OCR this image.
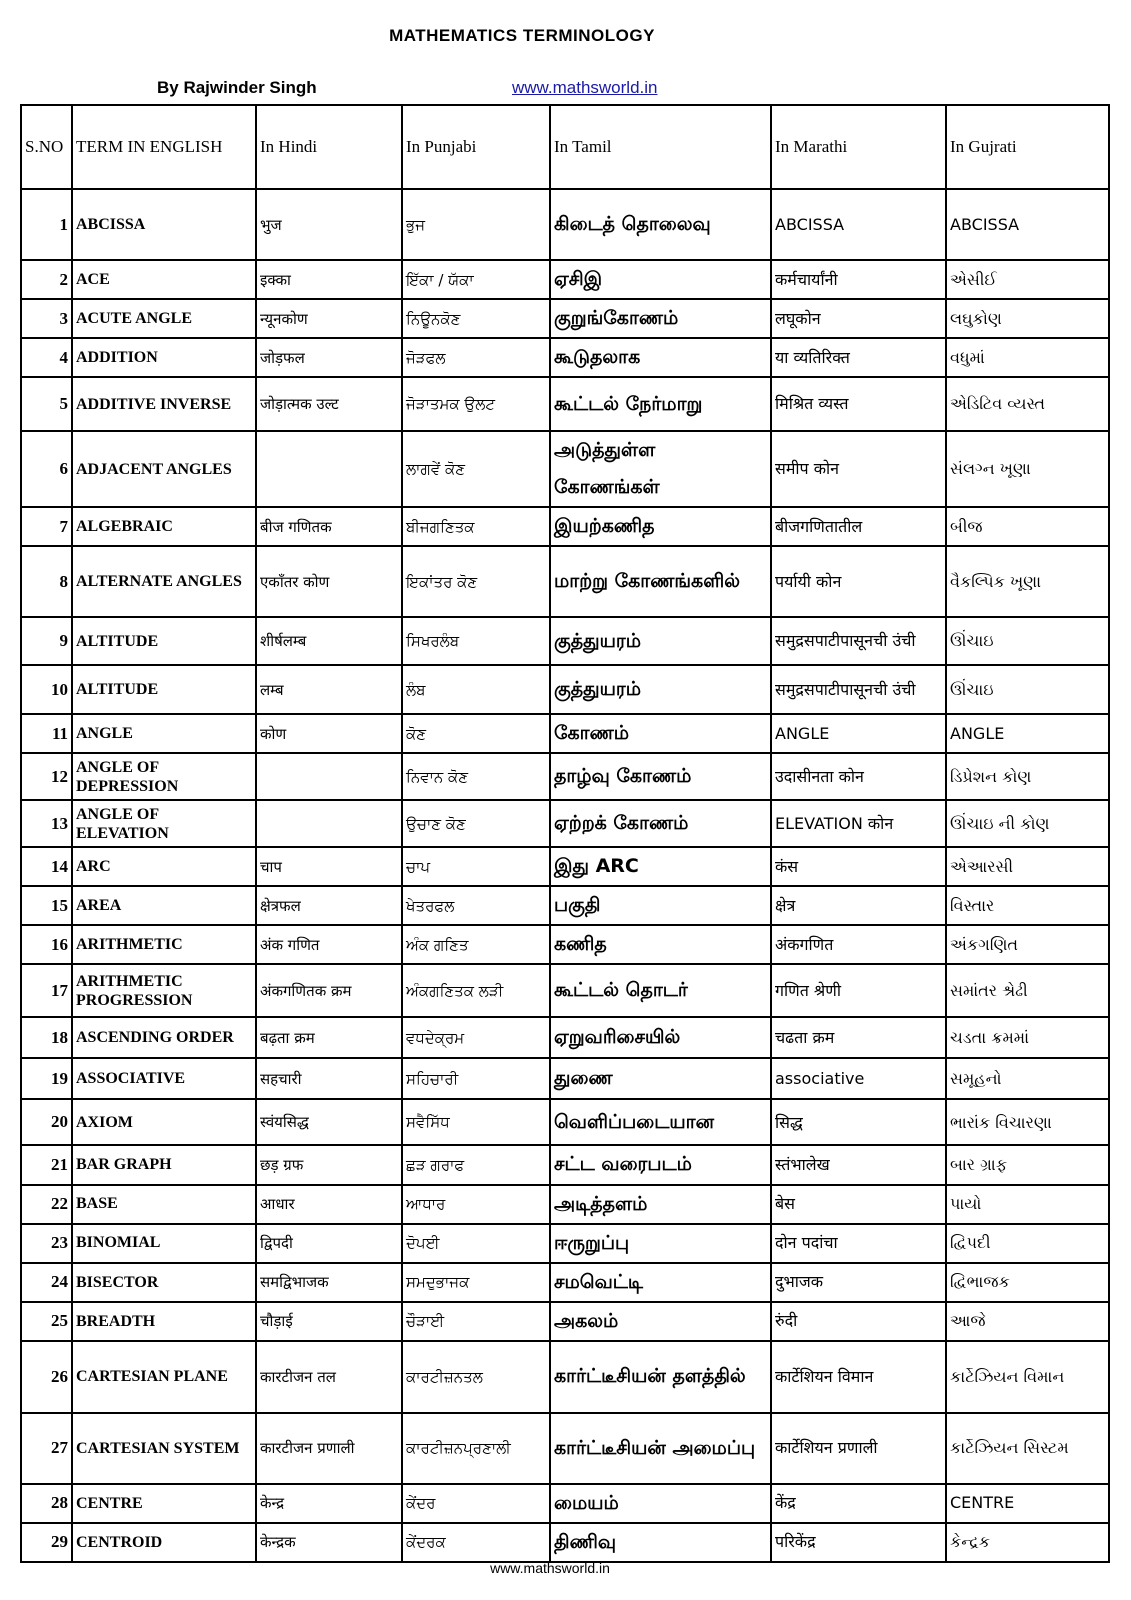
MATHEMATICS TERMINOLOGY
By Rajwinder Singh	www.mathsworld.in
S.NO	TERM IN ENGLISH	In Hindi	In Punjabi	In Tamil	In Marathi	In Gujrati
1	ABCISSA	भुज	ਭੁਜ	கிடைத் தொலைவு	ABCISSA	ABCISSA
2	ACE	इक्का	ਇੱਕਾ / ਯੱਕਾ	ஏசிஇ	कर्मचार्यांनी	એસીઈ
3	ACUTE ANGLE	न्यूनकोण	ਨਿਊਨਕੋਣ	குறுங்கோணம்	लघूकोन	લઘુકોણ
4	ADDITION	जोड़फल	ਜੋੜਫਲ	கூடுதலாக	या व्यतिरिक्त	વધુમાં
5	ADDITIVE INVERSE	जोड़ात्मक उल्ट	ਜੋੜਾਤਮਕ ਉਲਟ	கூட்டல் நேர்மாறு	मिश्रित व्यस्त	એડિટિવ વ્યસ્ત
6	ADJACENT ANGLES		ਲਾਗਵੇਂ ਕੋਣ	அடுத்துள்ள கோணங்கள்	समीप कोन	સંલગ્ન ખૂણા
7	ALGEBRAIC	बीज गणितक	ਬੀਜਗਣਿਤਕ	இயற்கணித	बीजगणितातील	બીજ
8	ALTERNATE ANGLES	एकाँतर कोण	ਇਕਾਂਤਰ ਕੋਣ	மாற்று கோணங்களில்	पर्यायी कोन	વૈકલ્પિક ખૂણા
9	ALTITUDE	शीर्षलम्ब	ਸਿਖਰਲੰਬ	குத்துயரம்	समुद्रसपाटीपासूनची उंची	ઊંચાઇ
10	ALTITUDE	लम्ब	ਲੰਬ	குத்துயரம்	समुद्रसपाटीपासूनची उंची	ઊંચાઇ
11	ANGLE	कोण	ਕੋਣ	கோணம்	ANGLE	ANGLE
12	ANGLE OF DEPRESSION		ਨਿਵਾਨ ਕੋਣ	தாழ்வு கோணம்	उदासीनता कोन	ડિપ્રેશન કોણ
13	ANGLE OF ELEVATION		ਉਚਾਣ ਕੋਣ	ஏற்றக் கோணம்	ELEVATION कोन	ઊંચાઇ ની કોણ
14	ARC	चाप	ਚਾਪ	இது ARC	कंस	એઆરસી
15	AREA	क्षेत्रफल	ਖੇਤਰਫਲ	பகுதி	क्षेत्र	વિસ્તાર
16	ARITHMETIC	अंक गणित	ਅੰਕ ਗਣਿਤ	கணித	अंकगणित	અંકગણિત
17	ARITHMETIC PROGRESSION	अंकगणितक क्रम	ਅੰਕਗਣਿਤਕ ਲੜੀ	கூட்டல் தொடர்	गणित श्रेणी	સમાંતર શ્રેઢી
18	ASCENDING ORDER	बढ़ता क्रम	ਵਧਦੇਕ੍ਰਮ	ஏறுவரிசையில்	चढता क्रम	ચડતા ક્રમમાં
19	ASSOCIATIVE	सहचारी	ਸਹਿਚਾਰੀ	துணை	associative	સમૂહનો
20	AXIOM	स्वंयसिद्ध	ਸਵੈਸਿੱਧ	வெளிப்படையான	सिद्ध	ભારાંક વિચારણા
21	BAR GRAPH	छड़ ग्रफ	ਛੜ ਗਰਾਫ	சட்ட வரைபடம்	स्तंभालेख	બાર ગ્રાફ
22	BASE	आधार	ਆਧਾਰ	அடித்தளம்	बेस	પાયો
23	BINOMIAL	द्विपदी	ਦੋਪਈ	ஈருறுப்பு	दोन पदांचा	દ્વિપદી
24	BISECTOR	समद्विभाजक	ਸਮਦੁਭਾਜਕ	சமவெட்டி	दुभाजक	દ્વિભાજક
25	BREADTH	चौड़ाई	ਚੌੜਾਈ	அகலம்	रुंदी	આજે
26	CARTESIAN PLANE	कारटीजन तल	ਕਾਰਟੀਜ਼ਨਤਲ	கார்ட்டீசியன் தளத்தில்	कार्टेशियन विमान	કાર્ટેઝિયન વિમાન
27	CARTESIAN SYSTEM	कारटीजन प्रणाली	ਕਾਰਟੀਜ਼ਨਪ੍ਰਣਾਲੀ	கார்ட்டீசியன் அமைப்பு	कार्टेशियन प्रणाली	કાર્ટેઝિયન સિસ્ટમ
28	CENTRE	केन्द्र	ਕੇਂਦਰ	மையம்	केंद्र	CENTRE
29	CENTROID	केन्द्रक	ਕੇਂਦਰਕ	திணிவு	परिकेंद्र	કેન્દ્રક
www.mathsworld.in
